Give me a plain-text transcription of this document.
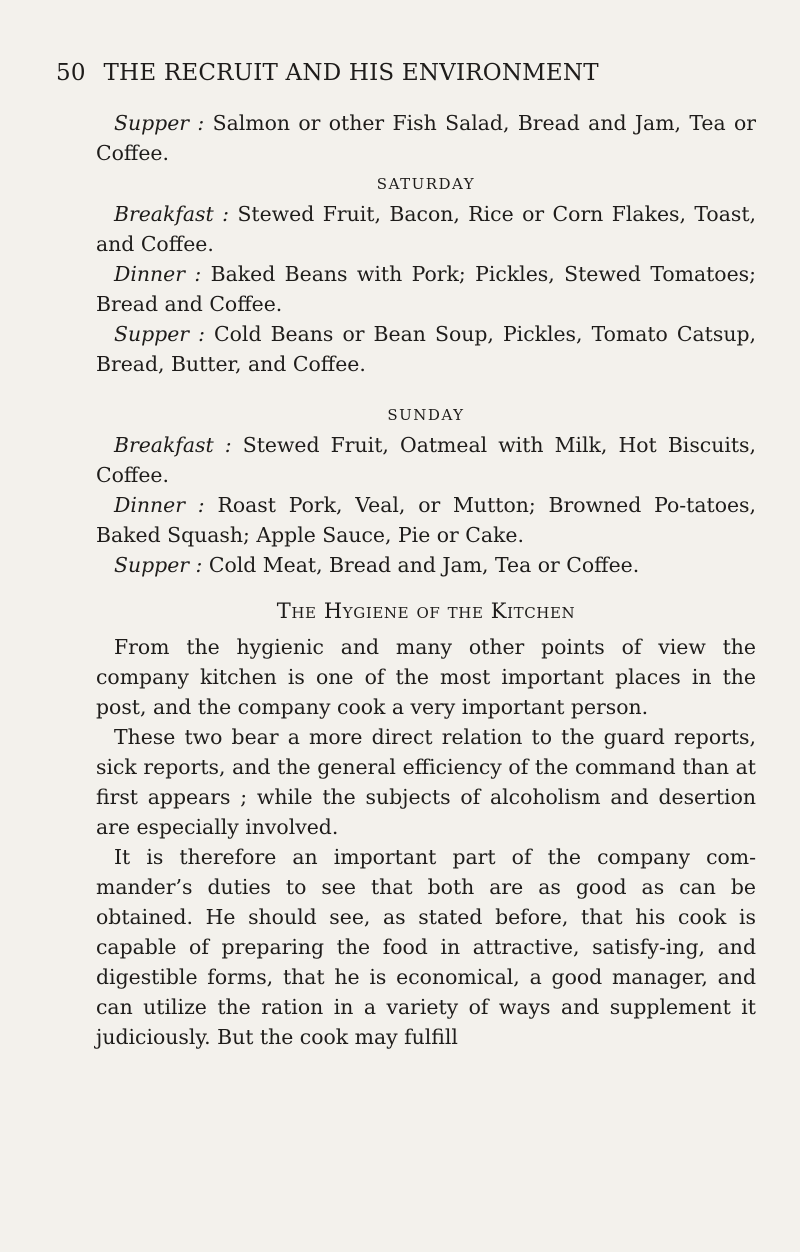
50 THE RECRUIT AND HIS ENVIRONMENT

Supper : Salmon or other Fish Salad, Bread and Jam, Tea or Coffee.

SATURDAY

Breakfast : Stewed Fruit, Bacon, Rice or Corn Flakes, Toast, and Coffee.

Dinner : Baked Beans with Pork; Pickles, Stewed Tomatoes; Bread and Coffee.

Supper : Cold Beans or Bean Soup, Pickles, Tomato Catsup, Bread, Butter, and Coffee.

SUNDAY

Breakfast : Stewed Fruit, Oatmeal with Milk, Hot Biscuits, Coffee.

Dinner : Roast Pork, Veal, or Mutton; Browned Po-tatoes, Baked Squash; Apple Sauce, Pie or Cake.

Supper : Cold Meat, Bread and Jam, Tea or Coffee.

The Hygiene of the Kitchen

From the hygienic and many other points of view the company kitchen is one of the most important places in the post, and the company cook a very important person.

These two bear a more direct relation to the guard reports, sick reports, and the general efficiency of the command than at first appears ; while the subjects of alcoholism and desertion are especially involved.

It is therefore an important part of the company com-mander’s duties to see that both are as good as can be obtained. He should see, as stated before, that his cook is capable of preparing the food in attractive, satisfy-ing, and digestible forms, that he is economical, a good manager, and can utilize the ration in a variety of ways and supplement it judiciously. But the cook may fulfill
